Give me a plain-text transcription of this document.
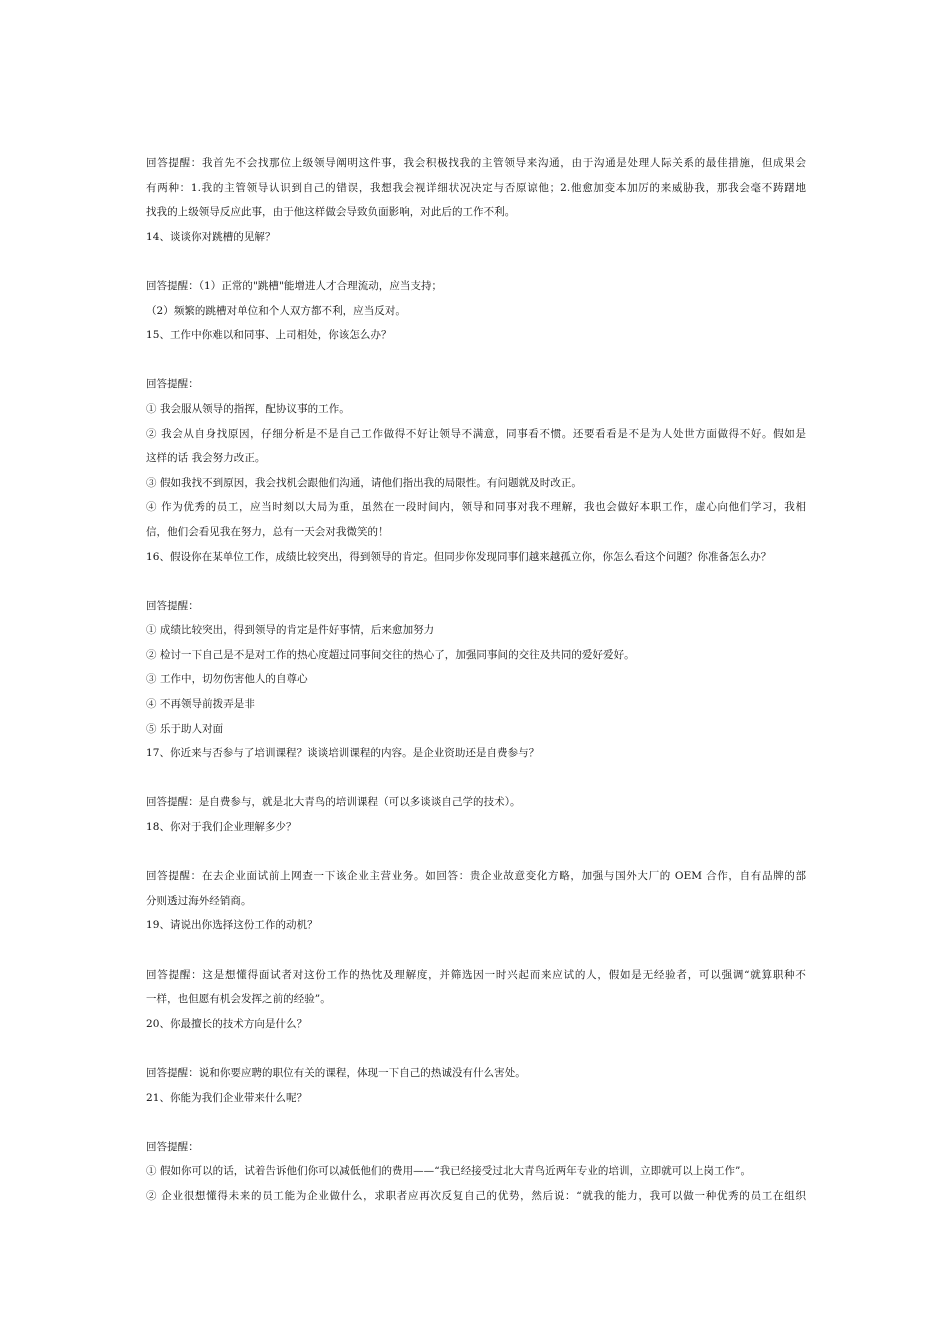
回答提醒：我首先不会找那位上级领导阐明这件事，我会积极找我的主管领导来沟通，由于沟通是处理人际关系的最佳措施，但成果会
有两种：1.我的主管领导认识到自己的错误，我想我会视详细状况决定与否原谅他；2.他愈加变本加厉的来威胁我，那我会毫不踌躇地
找我的上级领导反应此事，由于他这样做会导致负面影响，对此后的工作不利。
14、谈谈你对跳槽的见解？
回答提醒：（1）正常的"跳槽"能增进人才合理流动，应当支持；
（2）频繁的跳槽对单位和个人双方都不利，应当反对。
15、工作中你难以和同事、上司相处，你该怎么办？
回答提醒：
① 我会服从领导的指挥，配协议事的工作。
② 我会从自身找原因，仔细分析是不是自己工作做得不好让领导不满意，同事看不惯。还要看看是不是为人处世方面做得不好。假如是
这样的话 我会努力改正。
③ 假如我找不到原因，我会找机会跟他们沟通，请他们指出我的局限性。有问题就及时改正。
④ 作为优秀的员工，应当时刻以大局为重，虽然在一段时间内，领导和同事对我不理解，我也会做好本职工作，虚心向他们学习，我相
信，他们会看见我在努力，总有一天会对我微笑的！
16、假设你在某单位工作，成绩比较突出，得到领导的肯定。但同步你发现同事们越来越孤立你，你怎么看这个问题？你准备怎么办？
回答提醒：
① 成绩比较突出，得到领导的肯定是件好事情，后来愈加努力
② 检讨一下自己是不是对工作的热心度超过同事间交往的热心了，加强同事间的交往及共同的爱好爱好。
③ 工作中，切勿伤害他人的自尊心
④ 不再领导前拨弄是非
⑤ 乐于助人对面
17、你近来与否参与了培训课程？谈谈培训课程的内容。是企业资助还是自费参与？
回答提醒：是自费参与，就是北大青鸟的培训课程（可以多谈谈自己学的技术）。
18、你对于我们企业理解多少？
回答提醒：在去企业面试前上网查一下该企业主营业务。如回答：贵企业故意变化方略，加强与国外大厂的 OEM 合作，自有品牌的部
分则透过海外经销商。
19、请说出你选择这份工作的动机？
回答提醒：这是想懂得面试者对这份工作的热忱及理解度，并筛选因一时兴起而来应试的人，假如是无经验者，可以强调“就算职种不
一样，也但愿有机会发挥之前的经验”。
20、你最擅长的技术方向是什么？
回答提醒：说和你要应聘的职位有关的课程，体现一下自己的热诚没有什么害处。
21、你能为我们企业带来什么呢？
回答提醒：
① 假如你可以的话，试着告诉他们你可以减低他们的费用——“我已经接受过北大青鸟近两年专业的培训，立即就可以上岗工作”。
② 企业很想懂得未来的员工能为企业做什么，求职者应再次反复自己的优势，然后说：“就我的能力，我可以做一种优秀的员工在组织
